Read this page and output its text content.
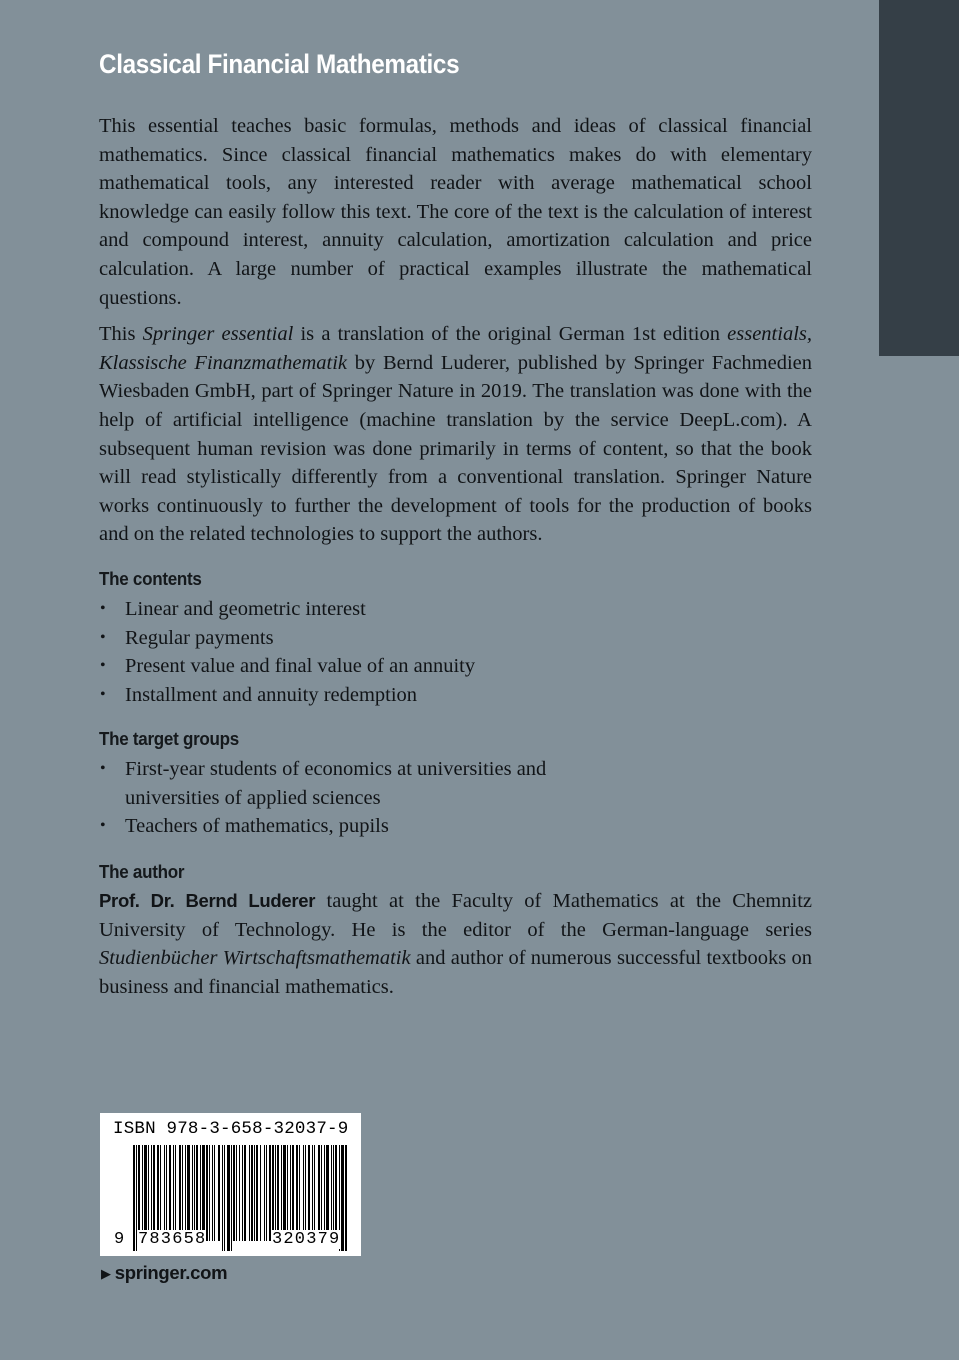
Classical Financial Mathematics

This essential teaches basic formulas, methods and ideas of classical financial mathematics. Since classical financial mathematics makes do with elementary mathematical tools, any interested reader with average mathematical school knowledge can easily follow this text. The core of the text is the calculation of interest and compound interest, annuity calculation, amortization calculation and price calculation. A large number of practical examples illustrate the mathematical questions.

This Springer essential is a translation of the original German 1st edition essentials, Klassische Finanzmathematik by Bernd Luderer, published by Springer Fachmedien Wiesbaden GmbH, part of Springer Nature in 2019. The translation was done with the help of artificial intelligence (machine translation by the service DeepL.com). A subsequent human revision was done primarily in terms of content, so that the book will read stylistically differently from a conventional translation. Springer Nature works continuously to further the development of tools for the production of books and on the related technologies to support the authors.

The contents
• Linear and geometric interest
• Regular payments
• Present value and final value of an annuity
• Installment and annuity redemption
The target groups
• First-year students of economics at universities and universities of applied sciences
• Teachers of mathematics, pupils
The author

Prof. Dr. Bernd Luderer taught at the Faculty of Mathematics at the Chemnitz University of Technology. He is the editor of the German-language series Studienbücher Wirtschaftsmathematik and author of numerous successful textbooks on business and financial mathematics.

ISBN 978-3-658-32037-9
9 783658	320379
▶ springer.com
